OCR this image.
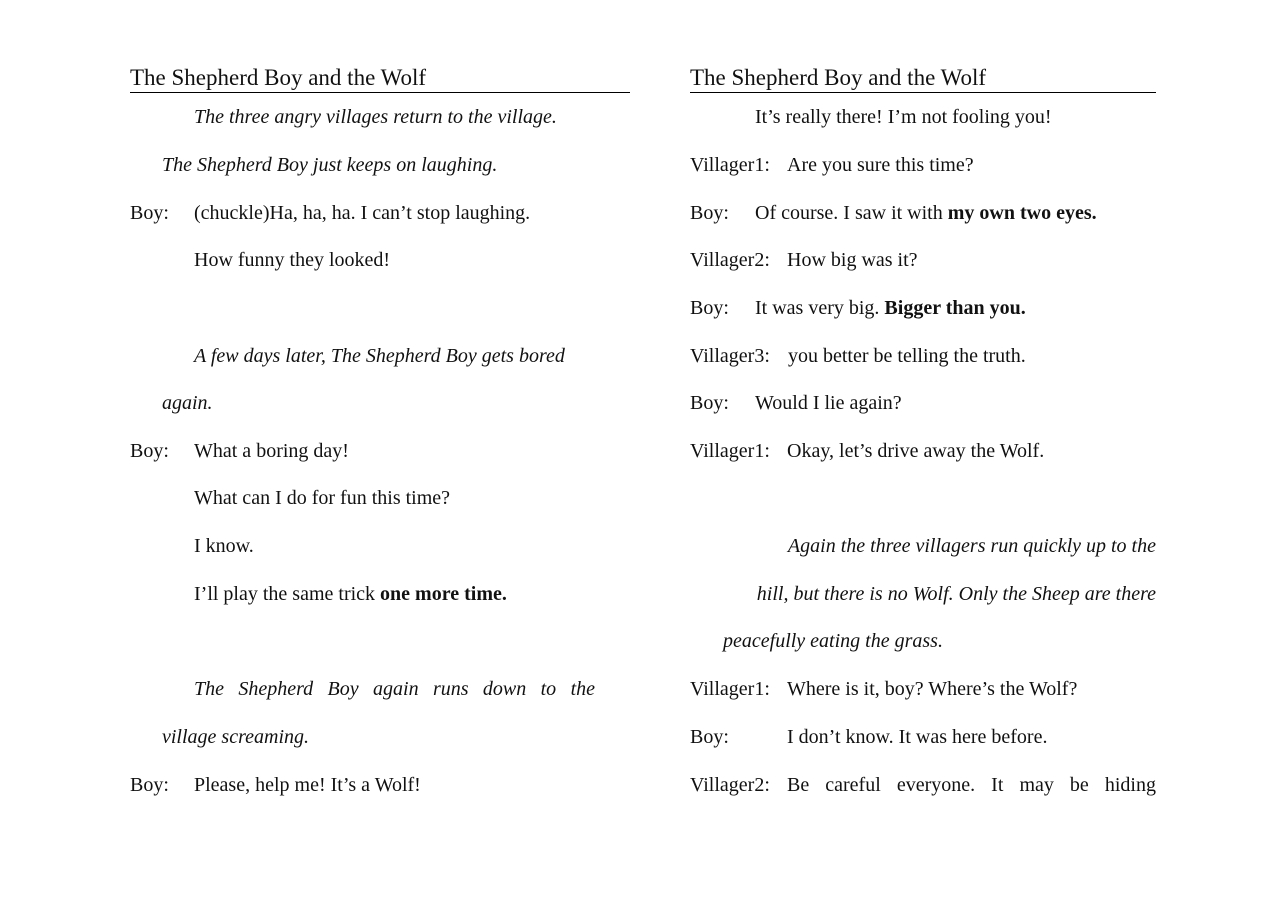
The Shepherd Boy and the Wolf
The three angry villages return to the village.
The Shepherd Boy just keeps on laughing.
Boy: (chuckle)Ha, ha, ha. I can’t stop laughing.
How funny they looked!
A few days later, The Shepherd Boy gets bored
again.
Boy: What a boring day!
What can I do for fun this time?
I know.
I’ll play the same trick one more time.
The Shepherd Boy again runs down to the
village screaming.
Boy: Please, help me! It’s a Wolf!
The Shepherd Boy and the Wolf
It’s really there! I’m not fooling you!
Villager1: Are you sure this time?
Boy: Of course. I saw it with my own two eyes.
Villager2: How big was it?
Boy: It was very big. Bigger than you.
Villager3: you better be telling the truth.
Boy: Would I lie again?
Villager1: Okay, let’s drive away the Wolf.
Again the three villagers run quickly up to the
hill, but there is no Wolf. Only the Sheep are there
peacefully eating the grass.
Villager1: Where is it, boy? Where’s the Wolf?
Boy:	I don’t know. It was here before.
Villager2: Be careful everyone. It may be hiding
